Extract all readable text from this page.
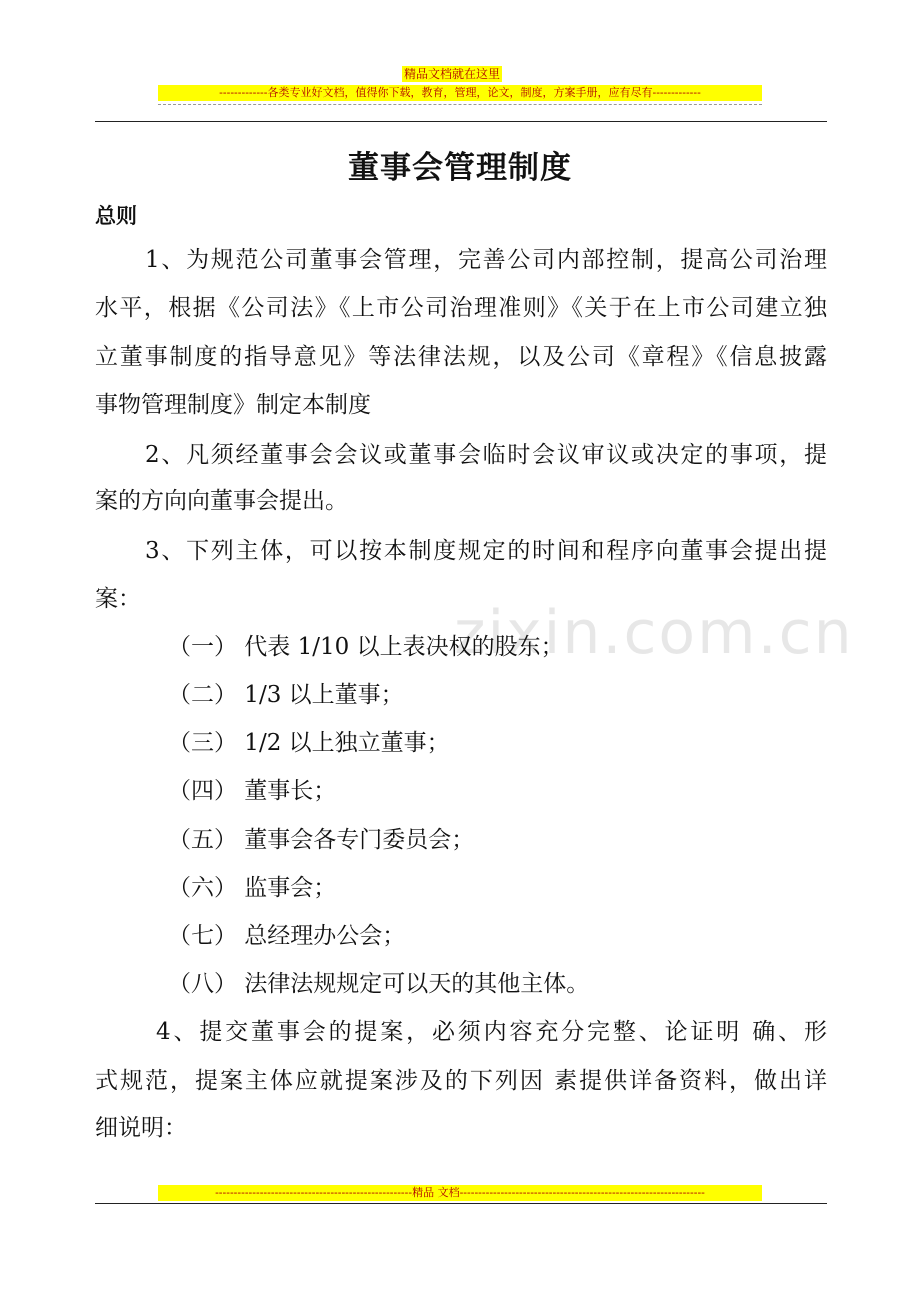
精品文档就在这里
-------------各类专业好文档，值得你下载，教育，管理，论文，制度，方案手册，应有尽有-------------
董事会管理制度
总则
1、为规范公司董事会管理，完善公司内部控制，提高公司治理
水平，根据《公司法》《上市公司治理准则》《关于在上市公司建立独
立董事制度的指导意见》等法律法规，以及公司《章程》《信息披露
事物管理制度》制定本制度
2、凡须经董事会会议或董事会临时会议审议或决定的事项，提
案的方向向董事会提出。
3、下列主体，可以按本制度规定的时间和程序向董事会提出提
案：
（一） 代表 1/10 以上表决权的股东；
（二） 1/3 以上董事；
（三） 1/2 以上独立董事；
（四） 董事长；
（五） 董事会各专门委员会；
（六） 监事会；
（七） 总经理办公会；
（八） 法律法规规定可以天的其他主体。
4、提交董事会的提案，必须内容充分完整、论证明 确、形
式规范，提案主体应就提案涉及的下列因 素提供详备资料，做出详
细说明：
zixin.com.cn
-----------------------------------------------------精品 文档------------------------------------------------------------------
